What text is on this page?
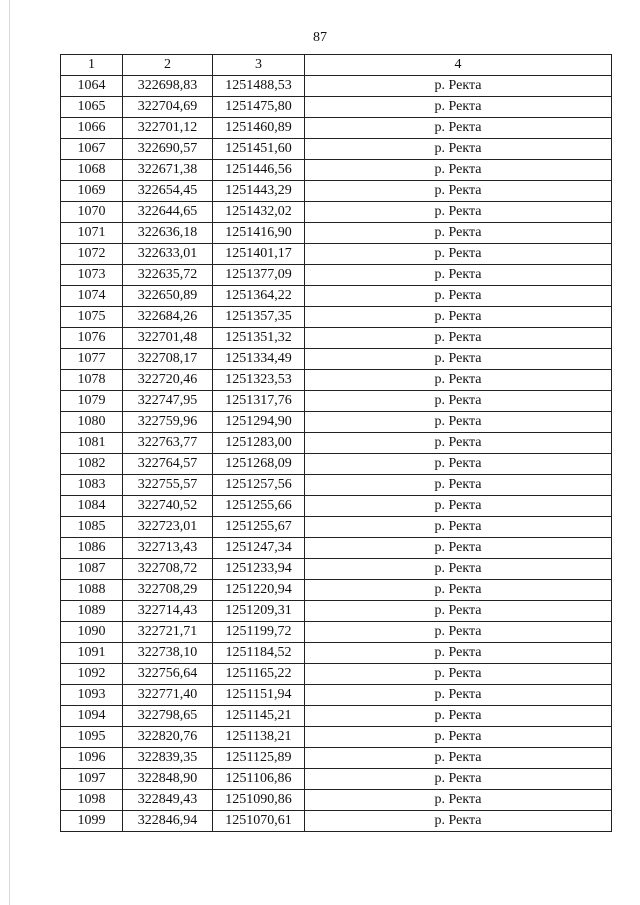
87
1	2	3	4
1064	322698,83	1251488,53	р. Ректа
1065	322704,69	1251475,80	р. Ректа
1066	322701,12	1251460,89	р. Ректа
1067	322690,57	1251451,60	р. Ректа
1068	322671,38	1251446,56	р. Ректа
1069	322654,45	1251443,29	р. Ректа
1070	322644,65	1251432,02	р. Ректа
1071	322636,18	1251416,90	р. Ректа
1072	322633,01	1251401,17	р. Ректа
1073	322635,72	1251377,09	р. Ректа
1074	322650,89	1251364,22	р. Ректа
1075	322684,26	1251357,35	р. Ректа
1076	322701,48	1251351,32	р. Ректа
1077	322708,17	1251334,49	р. Ректа
1078	322720,46	1251323,53	р. Ректа
1079	322747,95	1251317,76	р. Ректа
1080	322759,96	1251294,90	р. Ректа
1081	322763,77	1251283,00	р. Ректа
1082	322764,57	1251268,09	р. Ректа
1083	322755,57	1251257,56	р. Ректа
1084	322740,52	1251255,66	р. Ректа
1085	322723,01	1251255,67	р. Ректа
1086	322713,43	1251247,34	р. Ректа
1087	322708,72	1251233,94	р. Ректа
1088	322708,29	1251220,94	р. Ректа
1089	322714,43	1251209,31	р. Ректа
1090	322721,71	1251199,72	р. Ректа
1091	322738,10	1251184,52	р. Ректа
1092	322756,64	1251165,22	р. Ректа
1093	322771,40	1251151,94	р. Ректа
1094	322798,65	1251145,21	р. Ректа
1095	322820,76	1251138,21	р. Ректа
1096	322839,35	1251125,89	р. Ректа
1097	322848,90	1251106,86	р. Ректа
1098	322849,43	1251090,86	р. Ректа
1099	322846,94	1251070,61	р. Ректа
